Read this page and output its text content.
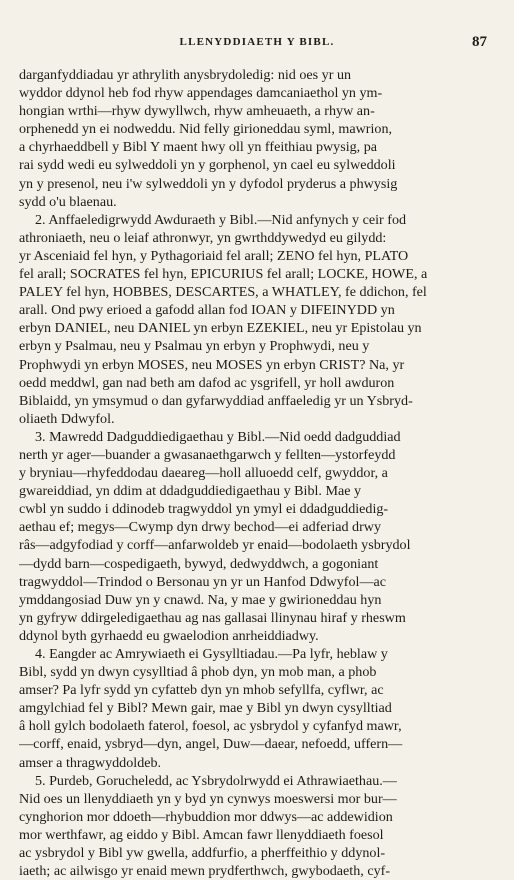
LLENYDDIAETH Y BIBL.	87
darganfyddiadau yr athrylith anysbrydoledig: nid oes yr un
wyddor ddynol heb fod rhyw appendages damcaniaethol yn ym-
hongian wrthi—rhyw dywyllwch, rhyw amheuaeth, a rhyw an-
orphenedd yn ei nodweddu. Nid felly girioneddau syml, mawrion,
a chyrhaeddbell y Bibl Y maent hwy oll yn ffeithiau pwysig, pa
rai sydd wedi eu sylweddoli yn y gorphenol, yn cael eu sylweddoli
yn y presenol, neu i'w sylweddoli yn y dyfodol pryderus a phwysig
sydd o'u blaenau.
2. Anffaeledigrwydd Awduraeth y Bibl.—Nid anfynych y ceir fod
athroniaeth, neu o leiaf athronwyr, yn gwrthddywedyd eu gilydd:
yr Asceniaid fel hyn, y Pythagoriaid fel arall; ZENO fel hyn, PLATO
fel arall; SOCRATES fel hyn, EPICURIUS fel arall; LOCKE, HOWE, a
PALEY fel hyn, HOBBES, DESCARTES, a WHATLEY, fe ddichon, fel
arall. Ond pwy erioed a gafodd allan fod IOAN y DIFEINYDD yn
erbyn DANIEL, neu DANIEL yn erbyn EZEKIEL, neu yr Epistolau yn
erbyn y Psalmau, neu y Psalmau yn erbyn y Prophwydi, neu y
Prophwydi yn erbyn MOSES, neu MOSES yn erbyn CRIST? Na, yr
oedd meddwl, gan nad beth am dafod ac ysgrifell, yr holl awduron
Biblaidd, yn ymsymud o dan gyfarwyddiad anffaeledig yr un Ysbryd-
oliaeth Ddwyfol.
3. Mawredd Dadguddiedigaethau y Bibl.—Nid oedd dadguddiad
nerth yr ager—buander a gwasanaethgarwch y fellten—ystorfeydd
y bryniau—rhyfeddodau daeareg—holl alluoedd celf, gwyddor, a
gwareiddiad, yn ddim at ddadguddiedigaethau y Bibl. Mae y
cwbl yn suddo i ddinodeb tragwyddol yn ymyl ei ddadguddiedig-
aethau ef; megys—Cwymp dyn drwy bechod—ei adferiad drwy
râs—adgyfodiad y corff—anfarwoldeb yr enaid—bodolaeth ysbrydol
—dydd barn—cospedigaeth, bywyd, dedwyddwch, a gogoniant
tragwyddol—Trindod o Bersonau yn yr un Hanfod Ddwyfol—ac
ymddangosiad Duw yn y cnawd. Na, y mae y gwirioneddau hyn
yn gyfryw ddirgeledigaethau ag nas gallasai llinynau hiraf y rheswm
ddynol byth gyrhaedd eu gwaelodion anrheiddiadwy.
4. Eangder ac Amrywiaeth ei Gysylltiadau.—Pa lyfr, heblaw y
Bibl, sydd yn dwyn cysylltiad â phob dyn, yn mob man, a phob
amser? Pa lyfr sydd yn cyfatteb dyn yn mhob sefyllfa, cyflwr, ac
amgylchiad fel y Bibl? Mewn gair, mae y Bibl yn dwyn cysylltiad
â holl gylch bodolaeth faterol, foesol, ac ysbrydol y cyfanfyd mawr,
—corff, enaid, ysbryd—dyn, angel, Duw—daear, nefoedd, uffern—
amser a thragwyddoldeb.
5. Purdeb, Gorucheledd, ac Ysbrydolrwydd ei Athrawiaethau.—
Nid oes un llenyddiaeth yn y byd yn cynwys moeswersi mor bur—
cynghorion mor ddoeth—rhybuddion mor ddwys—ac addewidion
mor werthfawr, ag eiddo y Bibl. Amcan fawr llenyddiaeth foesol
ac ysbrydol y Bibl yw gwella, addfurfio, a pherffeithio y ddynol-
iaeth; ac ailwisgo yr enaid mewn prydferthwch, gwybodaeth, cyf-
